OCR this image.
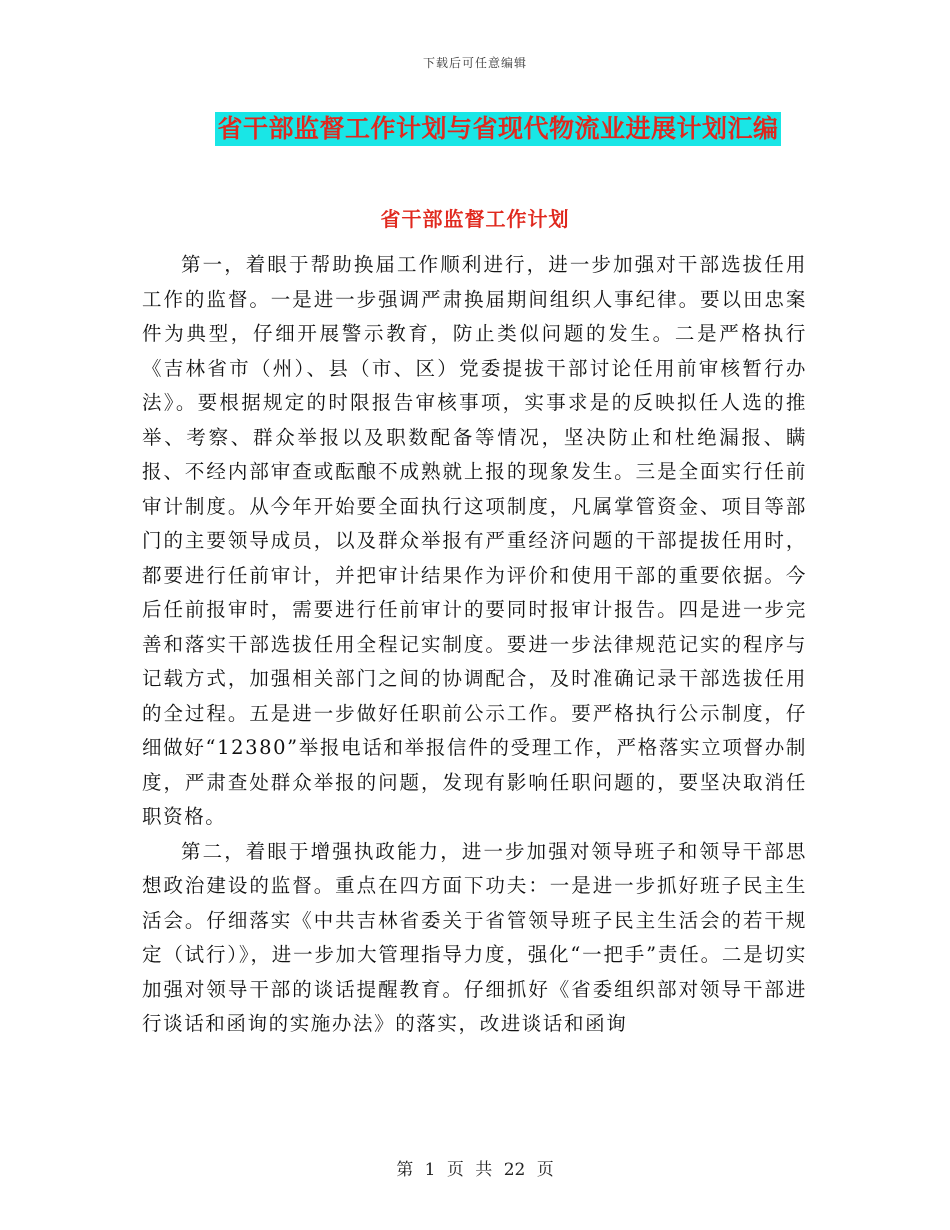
下载后可任意编辑
省干部监督工作计划与省现代物流业进展计划汇编
省干部监督工作计划

第一，着眼于帮助换届工作顺利进行，进一步加强对干部选拔任用工作的监督。一是进一步强调严肃换届期间组织人事纪律。要以田忠案件为典型，仔细开展警示教育，防止类似问题的发生。二是严格执行《吉林省市（州）、县（市、区）党委提拔干部讨论任用前审核暂行办法》。要根据规定的时限报告审核事项，实事求是的反映拟任人选的推举、考察、群众举报以及职数配备等情况，坚决防止和杜绝漏报、瞒报、不经内部审查或酝酿不成熟就上报的现象发生。三是全面实行任前审计制度。从今年开始要全面执行这项制度，凡属掌管资金、项目等部门的主要领导成员，以及群众举报有严重经济问题的干部提拔任用时，都要进行任前审计，并把审计结果作为评价和使用干部的重要依据。今后任前报审时，需要进行任前审计的要同时报审计报告。四是进一步完善和落实干部选拔任用全程记实制度。要进一步法律规范记实的程序与记载方式，加强相关部门之间的协调配合，及时准确记录干部选拔任用的全过程。五是进一步做好任职前公示工作。要严格执行公示制度，仔细做好“12380”举报电话和举报信件的受理工作，严格落实立项督办制度，严肃查处群众举报的问题，发现有影响任职问题的，要坚决取消任职资格。

第二，着眼于增强执政能力，进一步加强对领导班子和领导干部思想政治建设的监督。重点在四方面下功夫：一是进一步抓好班子民主生活会。仔细落实《中共吉林省委关于省管领导班子民主生活会的若干规定（试行）》，进一步加大管理指导力度，强化“一把手”责任。二是切实加强对领导干部的谈话提醒教育。仔细抓好《省委组织部对领导干部进行谈话和函询的实施办法》的落实，改进谈话和函询

第 1 页 共 22 页
